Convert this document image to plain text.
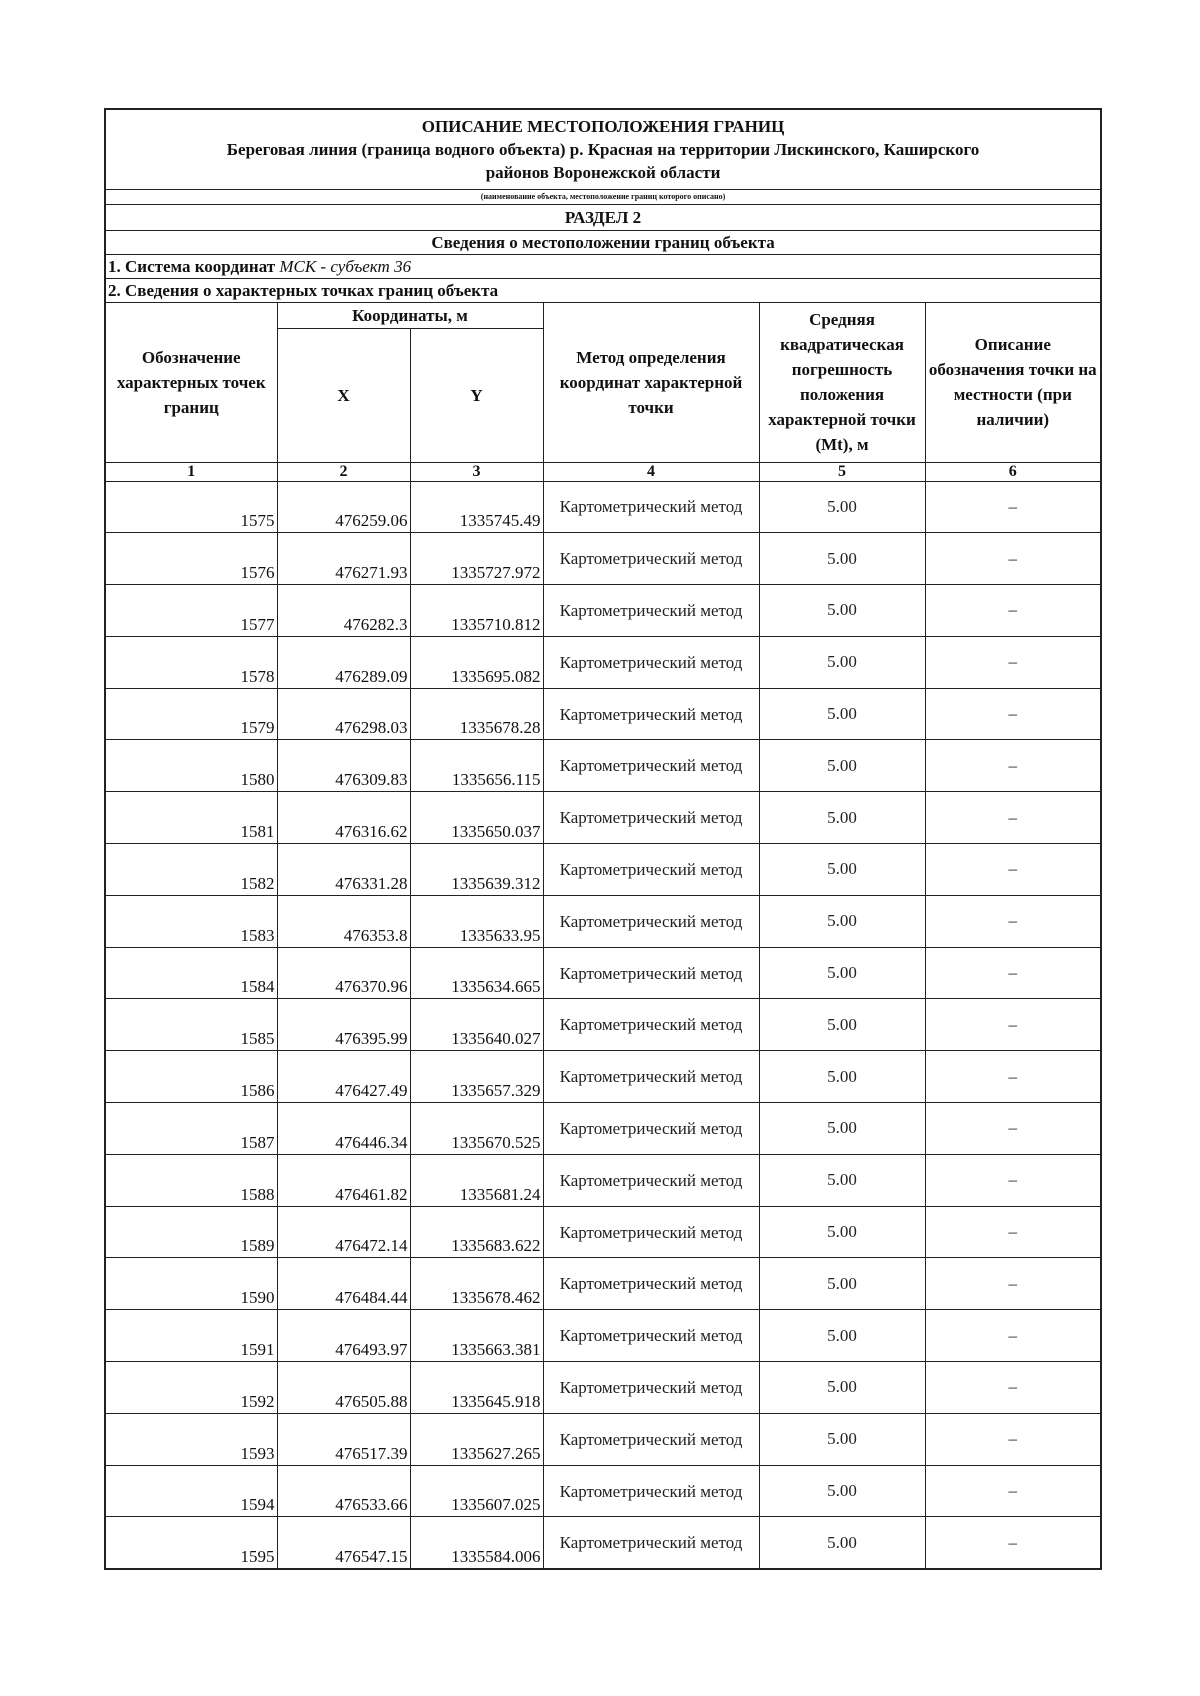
ОПИСАНИЕ МЕСТОПОЛОЖЕНИЯ ГРАНИЦ
Береговая линия (граница водного объекта) р. Красная на территории Лискинского, Каширского
районов Воронежской области					

(наименование объекта, местоположение границ которого описано)					
РАЗДЕЛ 2					
Сведения о местоположении границ объекта					
1. Система координат МСК - субъект 36					
2. Сведения о характерных точках границ объекта					
Обозначение характерных точек границ	Координаты, м		Метод определения координат характерной точки	Средняя квадратическая погрешность положения характерной точки (Mt), м	Описание обозначения точки на местности (при наличии)
	X	Y			
1	2	3	4	5	6
1575	476259.06	1335745.49	Картометрический метод	5.00	–
1576	476271.93	1335727.972	Картометрический метод	5.00	–
1577	476282.3	1335710.812	Картометрический метод	5.00	–
1578	476289.09	1335695.082	Картометрический метод	5.00	–
1579	476298.03	1335678.28	Картометрический метод	5.00	–
1580	476309.83	1335656.115	Картометрический метод	5.00	–
1581	476316.62	1335650.037	Картометрический метод	5.00	–
1582	476331.28	1335639.312	Картометрический метод	5.00	–
1583	476353.8	1335633.95	Картометрический метод	5.00	–
1584	476370.96	1335634.665	Картометрический метод	5.00	–
1585	476395.99	1335640.027	Картометрический метод	5.00	–
1586	476427.49	1335657.329	Картометрический метод	5.00	–
1587	476446.34	1335670.525	Картометрический метод	5.00	–
1588	476461.82	1335681.24	Картометрический метод	5.00	–
1589	476472.14	1335683.622	Картометрический метод	5.00	–
1590	476484.44	1335678.462	Картометрический метод	5.00	–
1591	476493.97	1335663.381	Картометрический метод	5.00	–
1592	476505.88	1335645.918	Картометрический метод	5.00	–
1593	476517.39	1335627.265	Картометрический метод	5.00	–
1594	476533.66	1335607.025	Картометрический метод	5.00	–
1595	476547.15	1335584.006	Картометрический метод	5.00	–
